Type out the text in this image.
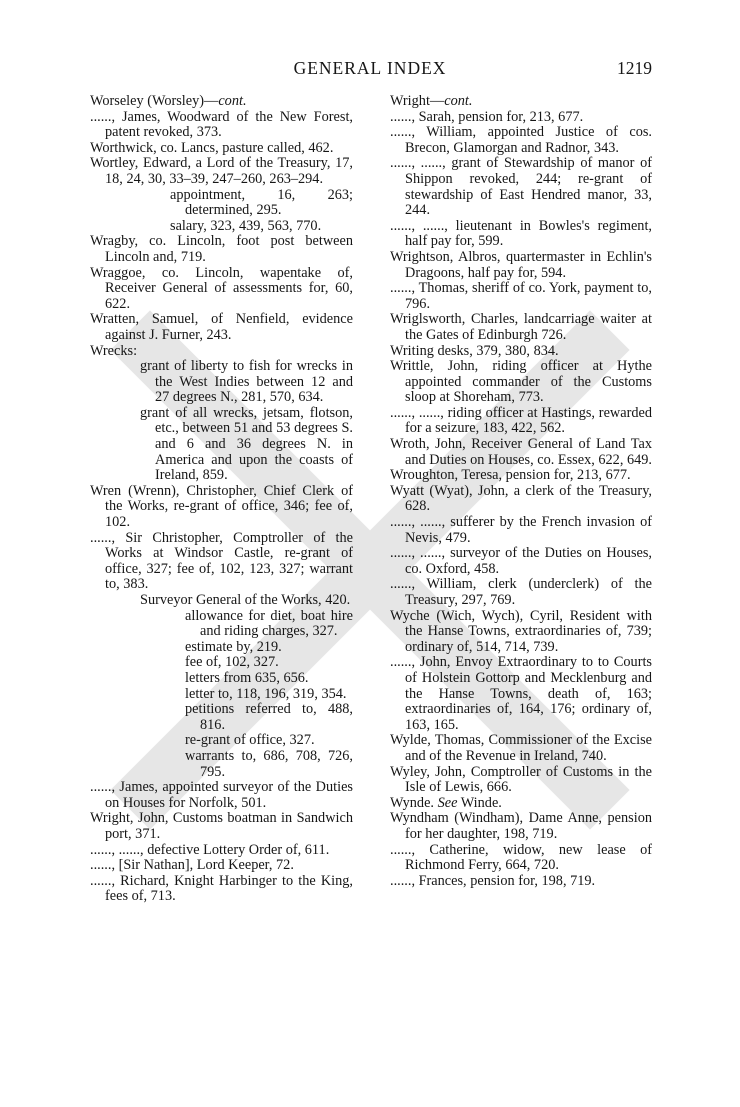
GENERAL INDEX	1219

Worseley (Worsley)—cont.

......, James, Woodward of the New Forest, patent revoked, 373.

Worthwick, co. Lancs, pasture called, 462.

Wortley, Edward, a Lord of the Treasury, 17, 18, 24, 30, 33–39, 247–260, 263–294.

appointment, 16, 263; determined, 295.

salary, 323, 439, 563, 770.

Wragby, co. Lincoln, foot post between Lincoln and, 719.

Wraggoe, co. Lincoln, wapentake of, Receiver General of assessments for, 60, 622.

Wratten, Samuel, of Nenfield, evidence against J. Furner, 243.

Wrecks:

grant of liberty to fish for wrecks in the West Indies between 12 and 27 degrees N., 281, 570, 634.

grant of all wrecks, jetsam, flotson, etc., between 51 and 53 degrees S. and 6 and 36 degrees N. in America and upon the coasts of Ireland, 859.

Wren (Wrenn), Christopher, Chief Clerk of the Works, re-grant of office, 346; fee of, 102.

......, Sir Christopher, Comptroller of the Works at Windsor Castle, re-grant of office, 327; fee of, 102, 123, 327; warrant to, 383.

Surveyor General of the Works, 420.

allowance for diet, boat hire and riding charges, 327.

estimate by, 219.

fee of, 102, 327.

letters from 635, 656.

letter to, 118, 196, 319, 354.

petitions referred to, 488, 816.

re-grant of office, 327.

warrants to, 686, 708, 726, 795.

......, James, appointed surveyor of the Duties on Houses for Norfolk, 501.

Wright, John, Customs boatman in Sandwich port, 371.

......, ......, defective Lottery Order of, 611.

......, [Sir Nathan], Lord Keeper, 72.

......, Richard, Knight Harbinger to the King, fees of, 713.

Wright—cont.

......, Sarah, pension for, 213, 677.

......, William, appointed Justice of cos. Brecon, Glamorgan and Radnor, 343.

......, ......, grant of Stewardship of manor of Shippon revoked, 244; re-grant of stewardship of East Hendred manor, 33, 244.

......, ......, lieutenant in Bowles's regiment, half pay for, 599.

Wrightson, Albros, quartermaster in Echlin's Dragoons, half pay for, 594.

......, Thomas, sheriff of co. York, payment to, 796.

Wriglsworth, Charles, landcarriage waiter at the Gates of Edinburgh 726.

Writing desks, 379, 380, 834.

Writtle, John, riding officer at Hythe appointed commander of the Customs sloop at Shoreham, 773.

......, ......, riding officer at Hastings, rewarded for a seizure, 183, 422, 562.

Wroth, John, Receiver General of Land Tax and Duties on Houses, co. Essex, 622, 649.

Wroughton, Teresa, pension for, 213, 677.

Wyatt (Wyat), John, a clerk of the Treasury, 628.

......, ......, sufferer by the French invasion of Nevis, 479.

......, ......, surveyor of the Duties on Houses, co. Oxford, 458.

......, William, clerk (underclerk) of the Treasury, 297, 769.

Wyche (Wich, Wych), Cyril, Resident with the Hanse Towns, extraordinaries of, 739; ordinary of, 514, 714, 739.

......, John, Envoy Extraordinary to to Courts of Holstein Gottorp and Mecklenburg and the Hanse Towns, death of, 163; extraordinaries of, 164, 176; ordinary of, 163, 165.

Wylde, Thomas, Commissioner of the Excise and of the Revenue in Ireland, 740.

Wyley, John, Comptroller of Customs in the Isle of Lewis, 666.

Wynde. See Winde.

Wyndham (Windham), Dame Anne, pension for her daughter, 198, 719.

......, Catherine, widow, new lease of Richmond Ferry, 664, 720.

......, Frances, pension for, 198, 719.
